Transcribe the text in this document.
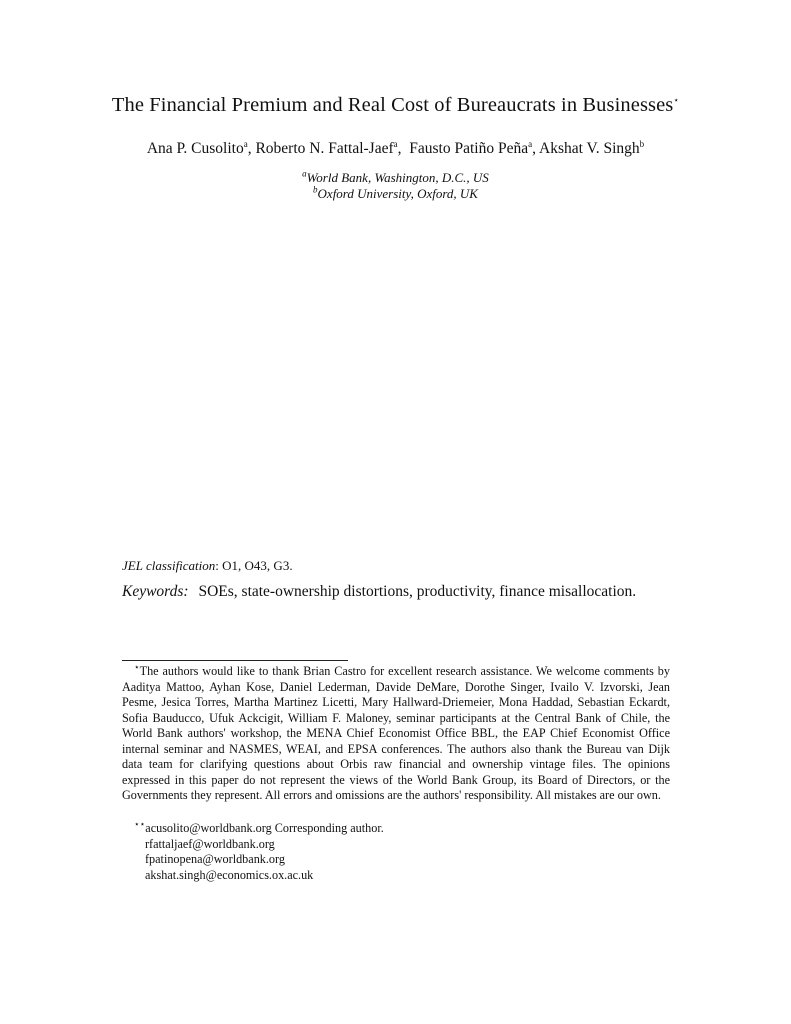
The Financial Premium and Real Cost of Bureaucrats in Businesses⋆
Ana P. Cusolito$^a$, Roberto N. Fattal-Jaef$^a$,  Fausto Patiño Peña$^a$, Akshat V. Singh$^b$
$^a$World Bank, Washington, D.C., US
$^b$Oxford University, Oxford, UK
JEL classification: O1, O43, G3.
Keywords: SOEs, state-ownership distortions, productivity, finance misallocation.

⋆The authors would like to thank Brian Castro for excellent research assistance. We welcome comments by Aaditya Mattoo, Ayhan Kose, Daniel Lederman, Davide DeMare, Dorothe Singer, Ivailo V. Izvorski, Jean Pesme, Jesica Torres, Martha Martinez Licetti, Mary Hallward-Driemeier, Mona Haddad, Sebastian Eckardt, Sofia Bauducco, Ufuk Ackcigit, William F. Maloney, seminar participants at the Central Bank of Chile, the World Bank authors' workshop, the MENA Chief Economist Office BBL, the EAP Chief Economist Office internal seminar and NASMES, WEAI, and EPSA conferences. The authors also thank the Bureau van Dijk data team for clarifying questions about Orbis raw financial and ownership vintage files. The opinions expressed in this paper do not represent the views of the World Bank Group, its Board of Directors, or the Governments they represent. All errors and omissions are the authors' responsibility. All mistakes are our own.

⋆⋆acusolito@worldbank.org Corresponding author.
rfattaljaef@worldbank.org
fpatinopena@worldbank.org
akshat.singh@economics.ox.ac.uk
